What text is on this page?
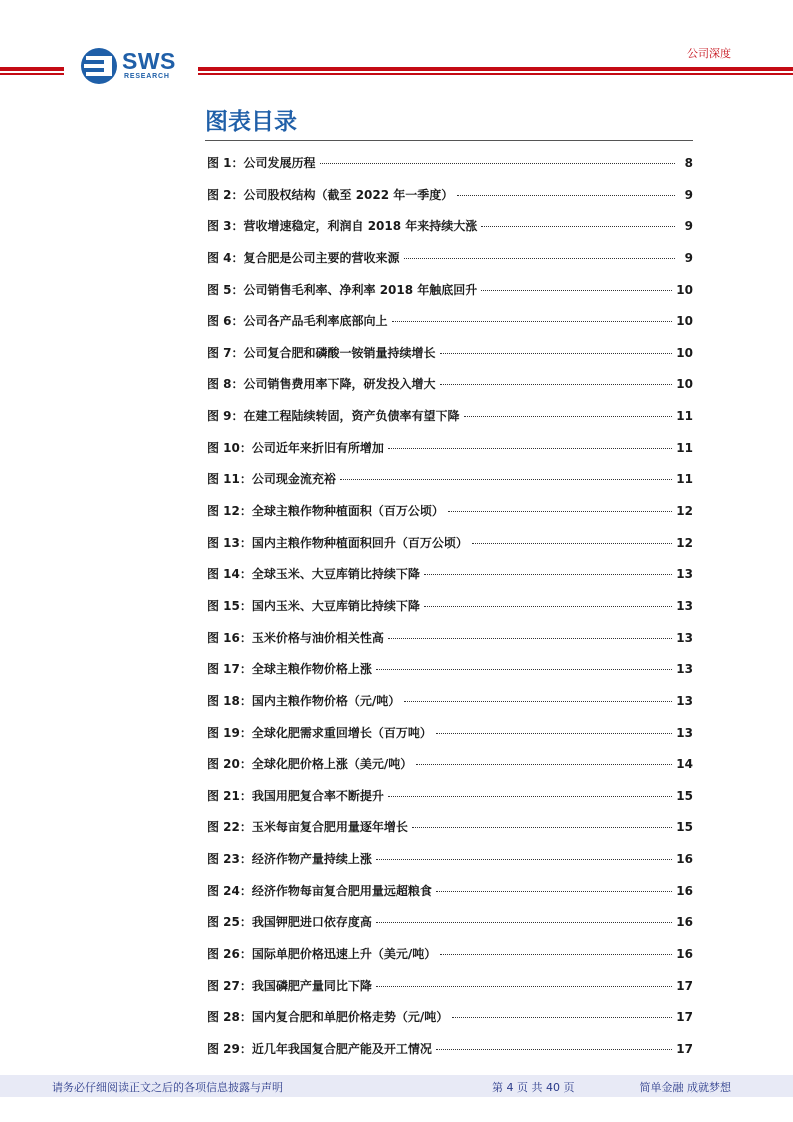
SWS
RESEARCH
公司深度
图表目录
图 1：公司发展历程	8
图 2：公司股权结构（截至 2022 年一季度）	9
图 3：营收增速稳定，利润自 2018 年来持续大涨	9
图 4：复合肥是公司主要的营收来源	9
图 5：公司销售毛利率、净利率 2018 年触底回升	10
图 6：公司各产品毛利率底部向上	10
图 7：公司复合肥和磷酸一铵销量持续增长	10
图 8：公司销售费用率下降，研发投入增大	10
图 9：在建工程陆续转固，资产负债率有望下降	11
图 10：公司近年来折旧有所增加	11
图 11：公司现金流充裕	11
图 12：全球主粮作物种植面积（百万公顷）	12
图 13：国内主粮作物种植面积回升（百万公顷）	12
图 14：全球玉米、大豆库销比持续下降	13
图 15：国内玉米、大豆库销比持续下降	13
图 16：玉米价格与油价相关性高	13
图 17：全球主粮作物价格上涨	13
图 18：国内主粮作物价格（元/吨）	13
图 19：全球化肥需求重回增长（百万吨）	13
图 20：全球化肥价格上涨（美元/吨）	14
图 21：我国用肥复合率不断提升	15
图 22：玉米每亩复合肥用量逐年增长	15
图 23：经济作物产量持续上涨	16
图 24：经济作物每亩复合肥用量远超粮食	16
图 25：我国钾肥进口依存度高	16
图 26：国际单肥价格迅速上升（美元/吨）	16
图 27：我国磷肥产量同比下降	17
图 28：国内复合肥和单肥价格走势（元/吨）	17
图 29：近几年我国复合肥产能及开工情况	17
请务必仔细阅读正文之后的各项信息披露与声明	第 4 页 共 40 页	简单金融 成就梦想
